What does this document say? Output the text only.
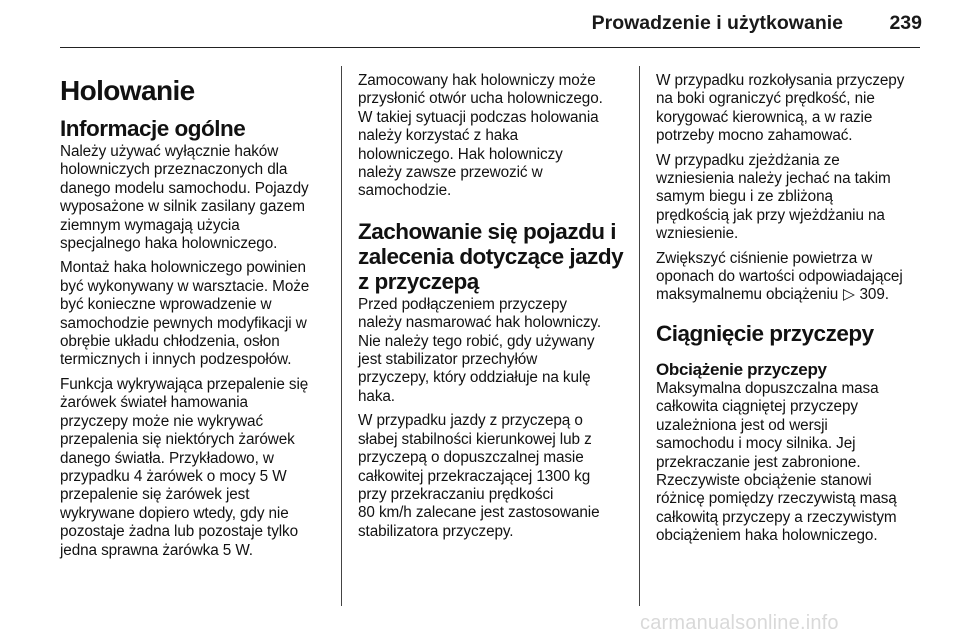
Prowadzenie i użytkowanie	239
Holowanie
Informacje ogólne

Należy używać wyłącznie haków
holowniczych przeznaczonych dla
danego modelu samochodu. Pojazdy
wyposażone w silnik zasilany gazem
ziemnym wymagają użycia
specjalnego haka holowniczego.

Montaż haka holowniczego powinien
być wykonywany w warsztacie. Może
być konieczne wprowadzenie w
samochodzie pewnych modyfikacji w
obrębie układu chłodzenia, osłon
termicznych i innych podzespołów.

Funkcja wykrywająca przepalenie się
żarówek świateł hamowania
przyczepy może nie wykrywać
przepalenia się niektórych żarówek
danego światła. Przykładowo, w
przypadku 4 żarówek o mocy 5 W
przepalenie się żarówek jest
wykrywane dopiero wtedy, gdy nie
pozostaje żadna lub pozostaje tylko
jedna sprawna żarówka 5 W.

Zamocowany hak holowniczy może
przysłonić otwór ucha holowniczego.
W takiej sytuacji podczas holowania
należy korzystać z haka
holowniczego. Hak holowniczy
należy zawsze przewozić w
samochodzie.

Zachowanie się pojazdu i
zalecenia dotyczące jazdy
z przyczepą

Przed podłączeniem przyczepy
należy nasmarować hak holowniczy.
Nie należy tego robić, gdy używany
jest stabilizator przechyłów
przyczepy, który oddziałuje na kulę
haka.

W przypadku jazdy z przyczepą o
słabej stabilności kierunkowej lub z
przyczepą o dopuszczalnej masie
całkowitej przekraczającej 1300 kg
przy przekraczaniu prędkości
80 km/h zalecane jest zastosowanie
stabilizatora przyczepy.

W przypadku rozkołysania przyczepy
na boki ograniczyć prędkość, nie
korygować kierownicą, a w razie
potrzeby mocno zahamować.

W przypadku zjeżdżania ze
wzniesienia należy jechać na takim
samym biegu i ze zbliżoną
prędkością jak przy wjeżdżaniu na
wzniesienie.

Zwiększyć ciśnienie powietrza w
oponach do wartości odpowiadającej
maksymalnemu obciążeniu ▷ 309.

Ciągnięcie przyczepy
Obciążenie przyczepy

Maksymalna dopuszczalna masa
całkowita ciągniętej przyczepy
uzależniona jest od wersji
samochodu i mocy silnika. Jej
przekraczanie jest zabronione.
Rzeczywiste obciążenie stanowi
różnicę pomiędzy rzeczywistą masą
całkowitą przyczepy a rzeczywistym
obciążeniem haka holowniczego.

carmanualsonline.info
